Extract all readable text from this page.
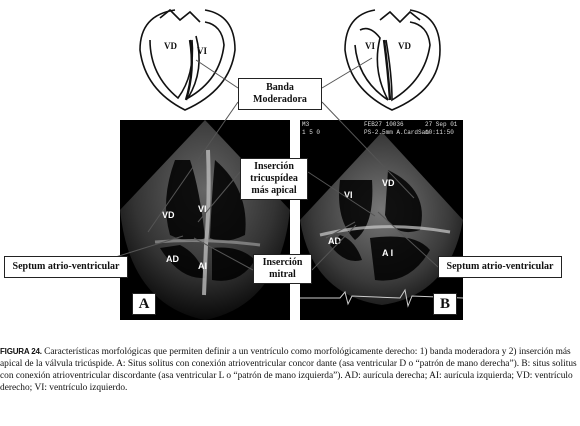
VD
VI
AD
AI
M3
1 5 0
FEB27 10036
PS-2.5mm A.CardSam
27 Sep 01
10:11:50
VI
VD
AD
A I
Banda
Moderadora
Inserción
tricuspídea
más apical
Inserción
mitral
Septum atrio-ventricular	Septum atrio-ventricular
A	B
VD VI	VI	VD
FIGURA 24. Características morfológicas que permiten definir a un ventrículo como morfológicamente derecho: 1) banda moderadora y 2) inserción más apical de la válvula tricúspide. A: Situs solitus con conexión atrioventricular concor dante (asa ventricular D o “patrón de mano derecha”). B: situs solitus con conexión atrioventricular discordante (asa ventricular L o “patrón de mano izquierda”). AD: aurícula derecha; AI: aurícula izquierda; VD: ventrículo derecho; VI: ventrículo izquierdo.
